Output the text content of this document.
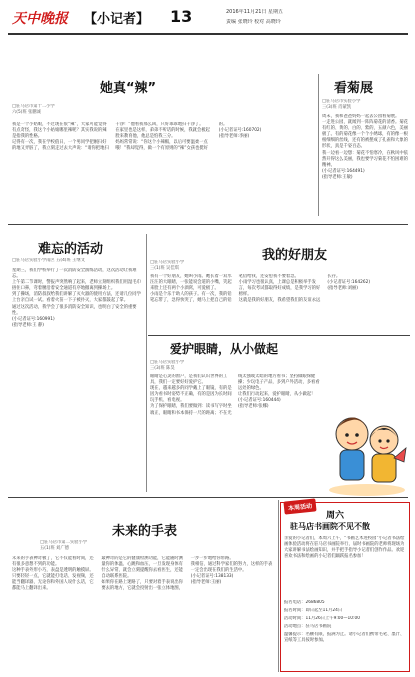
天中晚报 【小记者】 13	2016年11月21日 星期五
责编 张晓玲 校对 高晓玲
她真“辣”
□驻马店市第十二小学
六(5)班 张鹏诚
我是一个小姑娘，不过现在很“辣”，大家可能觉得有点奇怪，我这个小姑娘哪里辣呢？其实我说的辣是指我的性格。
记得有一次，我在学校值日，一个男同学把刚扫好的地又弄脏了，我立刻走过去大声说：“请你把地扫干净！”他看我那么凶，只好乖乖地扫干净了。
在家里也是这样，弟弟不听话的时候，我就会板起脸来教育他，他总是怕我三分。
妈妈常常说：“你这个小辣椒，以后可要温柔一点哦！”我却觉得，做一个有原则的“辣”女孩也挺好的。
(小记者证号:160702)
(指导老师:李丽)
看菊展
□驻马店市实验小学
三(3)班 肖蒙凯
周末，我和爸爸妈妈一起去公园看菊展。
一走进公园，就闻到一阵阵菊花的清香。菊花有红的、黄的、白的、紫的，五颜六色，美丽极了。有的菊花像一个个小绣球，有的像一根根细细的丝线，还有的被摆成了孔雀和大象的形状，真是千姿百态。
我一边看一边想：菊花不怕寒冷，在秋风中依然开得这么美丽，我也要学习菊花不怕困难的精神。
(小记者证号:164491)
(指导老师:王敏)
难忘的活动
□驻马店实验小学南区 五(4)班 王继文
星期三，我们学校举行了一次消防安全演练活动，这次活动让我难忘。
上午第二节课时，警报声突然响了起来，老师立刻组织我们用湿毛巾捂住口鼻，弯着腰沿着安全通道有序地撤离到操场上。
到了操场，消防叔叔给我们讲解了灭火器的使用方法，还请几位同学上台亲自试一试。看着火苗一下子被扑灭，大家都鼓起了掌。
通过这次活动，我学会了很多消防安全知识，也明白了安全的重要性。
(小记者证号:160991)
(指导老师:王 静)
我的好朋友
□驻马店实验小学
三(1)班 吴佳琪
我有一个好朋友，她叫小雨。她长着一双水汪汪的大眼睛，一张能说会道的小嘴，笑起来脸上还有两个小酒窝，可爱极了。
小雨是个乐于助人的孩子。有一次，我的铅笔忘带了，急得快哭了，她马上把自己的铅笔借给我，还安慰我不要着急。
小雨学习也很认真，上课总是积极举手发言，每次考试都取得好成绩，是我学习的好榜样。
这就是我的好朋友，我希望我们的友谊永远长存。
(小记者证号:164262)
(指导老师:刘丽)
爱护眼睛，从小做起
□驻马店实验小学
三(3)班 陈昊
眼睛是心灵的窗户，是我们认识世界的工具，我们一定要好好爱护它。
现在，越来越多的同学戴上了眼镜，有的是因为看书时姿势不正确，有的是因为长时间玩手机、看电视。
为了保护眼睛，我们要做到：读书写字时坐端正，眼睛和书本保持一尺的距离；不在光线太强或太暗的地方看书；坚持做眼保健操；少玩电子产品，多到户外活动，多看看远处的绿色。
让我们行动起来，爱护眼睛，从小做起！
(小记者证号:160444)
(指导老师:张娜)
未来的手表
□驻马店市第二实验小学
五(1)班 刘广德
未来的手表神奇极了，它不仅能看时间，还有很多意想不到的功能。
这种手表外形小巧，表盘是透明的触摸屏。只要轻轻一点，它就能打电话、发视频，还能当翻译器，无论你和外国人说什么话，它都能马上翻译出来。
最神奇的是它的健康检测功能，它能随时测量你的体温、心跳和血压，一旦发现身体有什么异常，就会立刻提醒你去看医生，还能自动联系医院。
如果你在路上迷路了，只要对着手表说出你要去的地方，它就会投射出一张立体地图，一步一步地给你带路。
我相信，通过科学家们的努力，这样的手表一定会出现在我们的生活中。
(小记者证号:138133)
(指导老师:王丽)
本周活动
周六
驻马店书画院不见不散
亲爱的小记者们，本周六上午，“书画艺术进校园”小记者书法绘画体验活动将在驻马店书画院举行，届时书画院的老师将现场为大家讲解书法绘画知识，并手把手指导小记者们创作作品。欢迎喜欢书法和绘画的小记者们踊跃报名参加！
报名电话：2686805
报名时间：即日起至11月24日
活动时间：11月26日上午9:00—10:00
活动地点：驻马店书画院
温馨提示：名额有限，报满为止。请小记者们携带毛笔、墨汁、宣纸等工具按时参加。
